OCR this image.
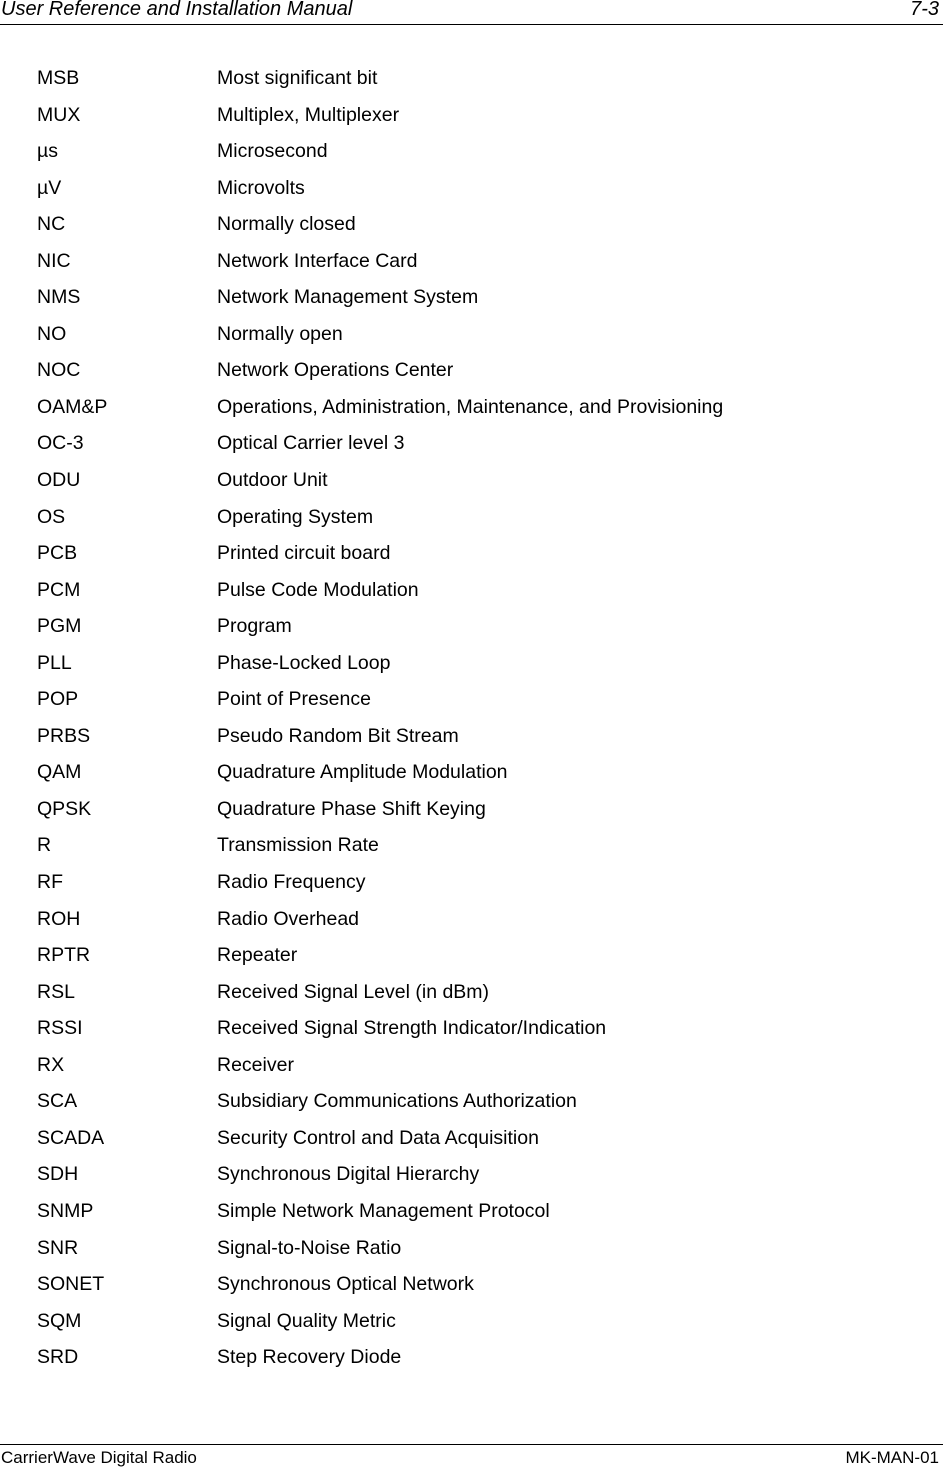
User Reference and Installation Manual	7-3
MSB	Most significant bit
MUX	Multiplex, Multiplexer
µs	Microsecond
µV	Microvolts
NC	Normally closed
NIC	Network Interface Card
NMS	Network Management System
NO	Normally open
NOC	Network Operations Center
OAM&P	Operations, Administration, Maintenance, and Provisioning
OC-3	Optical Carrier level 3
ODU	Outdoor Unit
OS	Operating System
PCB	Printed circuit board
PCM	Pulse Code Modulation
PGM	Program
PLL	Phase-Locked Loop
POP	Point of Presence
PRBS	Pseudo Random Bit Stream
QAM	Quadrature Amplitude Modulation
QPSK	Quadrature Phase Shift Keying
R	Transmission Rate
RF	Radio Frequency
ROH	Radio Overhead
RPTR	Repeater
RSL	Received Signal Level (in dBm)
RSSI	Received Signal Strength Indicator/Indication
RX	Receiver
SCA	Subsidiary Communications Authorization
SCADA	Security Control and Data Acquisition
SDH	Synchronous Digital Hierarchy
SNMP	Simple Network Management Protocol
SNR	Signal-to-Noise Ratio
SONET	Synchronous Optical Network
SQM	Signal Quality Metric
SRD	Step Recovery Diode
CarrierWave Digital Radio	MK-MAN-01
